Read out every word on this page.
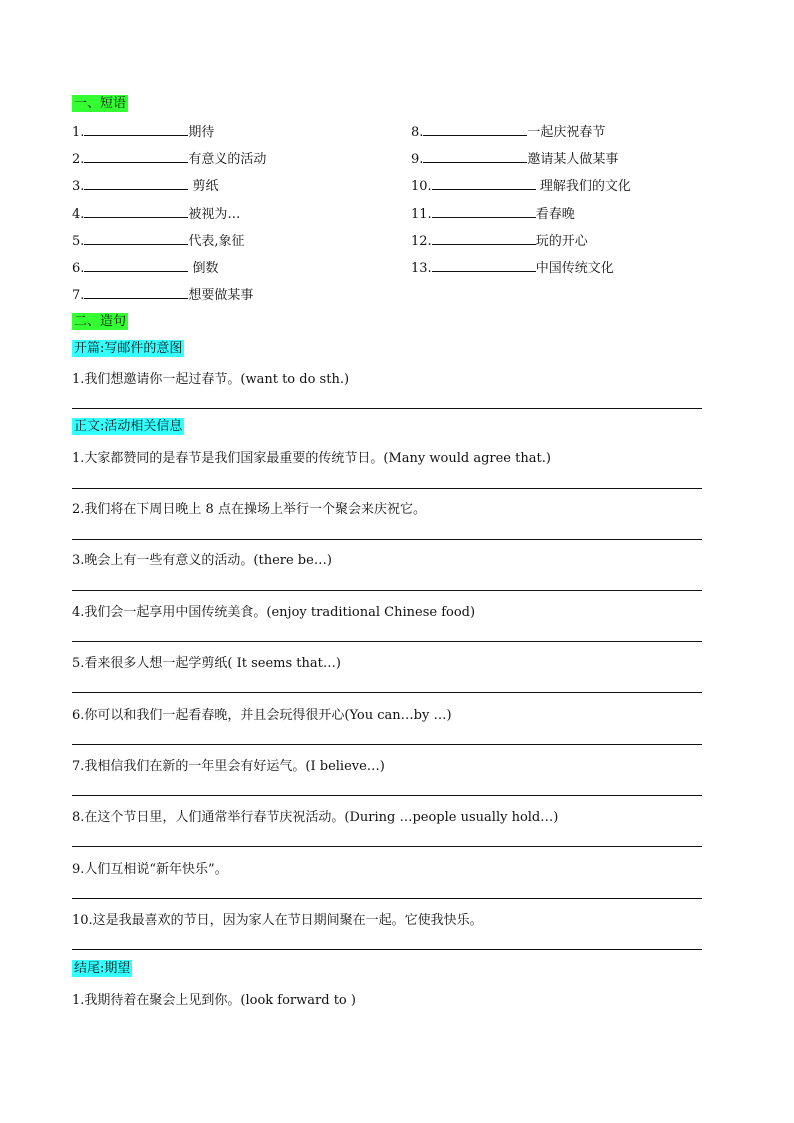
一、短语
1.	期待
2.	有意义的活动
3.	剪纸
4.	被视为…
5.	代表,象征
6.	倒数
7.	想要做某事
8.	一起庆祝春节
9.	邀请某人做某事
10.	理解我们的文化
11.	看春晚
12.	玩的开心
13.	中国传统文化
二、造句
开篇:写邮件的意图
1.我们想邀请你一起过春节。(want to do sth.)
正文:活动相关信息
1.大家都赞同的是春节是我们国家最重要的传统节日。(Many would agree that.)
2.我们将在下周日晚上 8 点在操场上举行一个聚会来庆祝它。
3.晚会上有一些有意义的活动。(there be…)
4.我们会一起享用中国传统美食。(enjoy traditional Chinese food)
5.看来很多人想一起学剪纸( It seems that…)
6.你可以和我们一起看春晚，并且会玩得很开心(You can…by …)
7.我相信我们在新的一年里会有好运气。(I believe…)
8.在这个节日里，人们通常举行春节庆祝活动。(During …people usually hold…)
9.人们互相说“新年快乐”。
10.这是我最喜欢的节日，因为家人在节日期间聚在一起。它使我快乐。
结尾:期望
1.我期待着在聚会上见到你。(look forward to )
